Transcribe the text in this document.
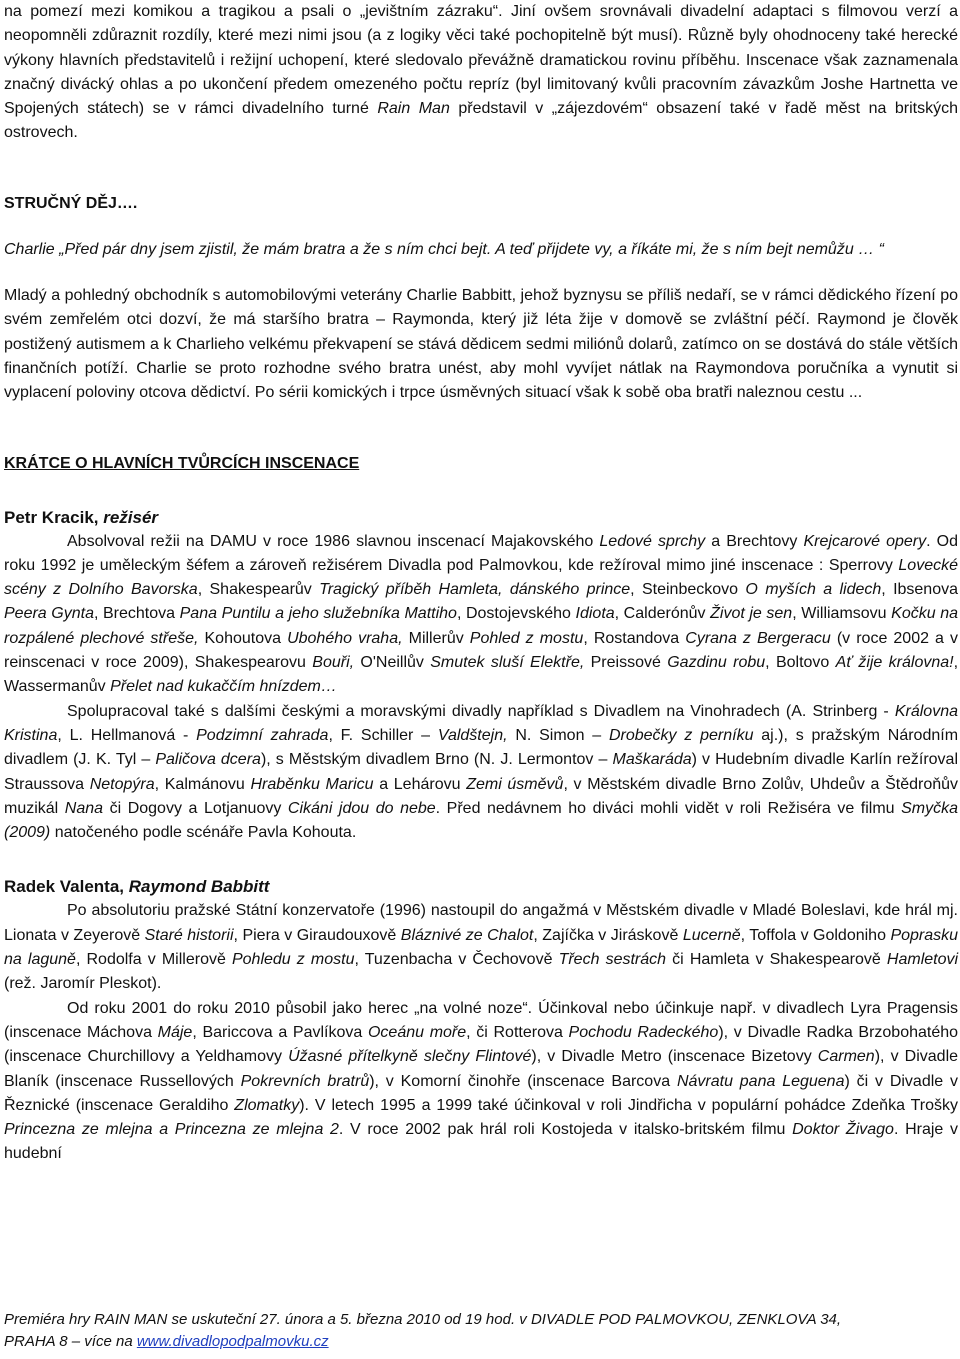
na pomezí mezi komikou a tragikou a psali o „jevištním zázraku“. Jiní ovšem srovnávali divadelní adaptaci s filmovou verzí a neopomněli zdůraznit rozdíly, které mezi nimi jsou (a z logiky věci také pochopitelně být musí). Různě byly ohodnoceny také herecké výkony hlavních představitelů i režijní uchopení, které sledovalo převážně dramatickou rovinu příběhu. Inscenace však zaznamenala značný divácký ohlas a po ukončení předem omezeného počtu repríz (byl limitovaný kvůli pracovním závazkům Joshe Hartnetta ve Spojených státech) se v rámci divadelního turné Rain Man představil v „zájezdovém“ obsazení také v řadě měst na britských ostrovech.

STRUČNÝ DĚJ….

Charlie „Před pár dny jsem zjistil, že mám bratra a že s ním chci bejt. A teď přijdete vy, a říkáte mi, že s ním bejt nemůžu … “

Mladý a pohledný obchodník s automobilovými veterány Charlie Babbitt, jehož byznysu se příliš nedaří, se v rámci dědického řízení po svém zemřelém otci dozví, že má staršího bratra – Raymonda, který již léta žije v domově se zvláštní péčí. Raymond je člověk postižený autismem a k Charlieho velkému překvapení se stává dědicem sedmi miliónů dolarů, zatímco on se dostává do stále větších finančních potíží. Charlie se proto rozhodne svého bratra unést, aby mohl vyvíjet nátlak na Raymondova poručníka a vynutit si vyplacení poloviny otcova dědictví. Po sérii komických i trpce úsměvných situací však k sobě oba bratři naleznou cestu ...

KRÁTCE O HLAVNÍCH TVŮRCÍCH INSCENACE
Petr Kracik, režisér

Absolvoval režii na DAMU v roce 1986 slavnou inscenací Majakovského Ledové sprchy a Brechtovy Krejcarové opery. Od roku 1992 je uměleckým šéfem a zároveň režisérem Divadla pod Palmovkou, kde režíroval mimo jiné inscenace : Sperrovy Lovecké scény z Dolního Bavorska, Shakespearův Tragický příběh Hamleta, dánského prince, Steinbeckovo O myších a lidech, Ibsenova Peera Gynta, Brechtova Pana Puntilu a jeho služebníka Mattiho, Dostojevského Idiota, Calderónův Život je sen, Williamsovu Kočku na rozpálené plechové střeše, Kohoutova Ubohého vraha, Millerův Pohled z mostu, Rostandova Cyrana z Bergeracu (v roce 2002 a v reinscenaci v roce 2009), Shakespearovu Bouři, O'Neillův Smutek sluší Elektře, Preissové Gazdinu robu, Boltovo Ať žije královna!, Wassermanův Přelet nad kukaččím hnízdem…

Spolupracoval také s dalšími českými a moravskými divadly například s Divadlem na Vinohradech (A. Strinberg - Královna Kristina, L. Hellmanová - Podzimní zahrada, F. Schiller – Valdštejn, N. Simon – Drobečky z perníku aj.), s pražským Národním divadlem (J. K. Tyl – Paličova dcera), s Městským divadlem Brno (N. J. Lermontov – Maškaráda) v Hudebním divadle Karlín režíroval Straussova Netopýra, Kalmánovu Hraběnku Maricu a Lehárovu Zemi úsměvů, v Městském divadle Brno Zolův, Uhdeův a Štědroňův muzikál Nana či Dogovy a Lotjanuovy Cikáni jdou do nebe. Před nedávnem ho diváci mohli vidět v roli Režiséra ve filmu Smyčka (2009) natočeného podle scénáře Pavla Kohouta.

Radek Valenta, Raymond Babbitt

Po absolutoriu pražské Státní konzervatoře (1996) nastoupil do angažmá v Městském divadle v Mladé Boleslavi, kde hrál mj. Lionata v Zeyerově Staré historii, Piera v Giraudouxově Bláznivé ze Chalot, Zajíčka v Jiráskově Lucerně, Toffola v Goldoniho Poprasku na laguně, Rodolfa v Millerově Pohledu z mostu, Tuzenbacha v Čechovově Třech sestrách či Hamleta v Shakespearově Hamletovi (rež. Jaromír Pleskot).

Od roku 2001 do roku 2010 působil jako herec „na volné noze“. Účinkoval nebo účinkuje např. v divadlech Lyra Pragensis (inscenace Máchova Máje, Bariccova a Pavlíkova Oceánu moře, či Rotterova Pochodu Radeckého), v Divadle Radka Brzobohatého (inscenace Churchillovy a Yeldhamovy Úžasné přítelkyně slečny Flintové), v Divadle Metro (inscenace Bizetovy Carmen), v Divadle Blaník (inscenace Russellových Pokrevních bratrů), v Komorní činohře (inscenace Barcova Návratu pana Leguena) či v Divadle v Řeznické (inscenace Geraldiho Zlomatky). V letech 1995 a 1999 také účinkoval v roli Jindřicha v populární pohádce Zdeňka Trošky Princezna ze mlejna a Princezna ze mlejna 2. V roce 2002 pak hrál roli Kostojeda v italsko-britském filmu Doktor Živago. Hraje v hudební

Premiéra hry RAIN MAN se uskuteční 27. února a 5. března 2010 od 19 hod. v DIVADLE POD PALMOVKOU, ZENKLOVA 34,
PRAHA 8 – více na www.divadlopodpalmovku.cz
